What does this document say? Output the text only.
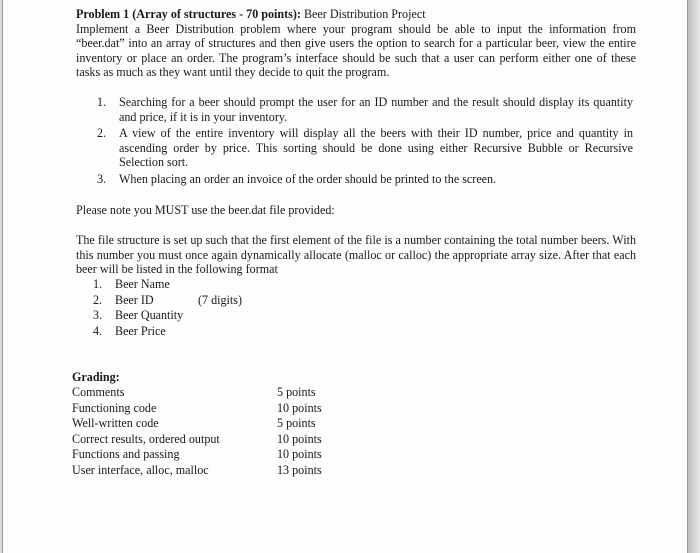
Problem 1 (Array of structures - 70 points): Beer Distribution Project
Implement a Beer Distribution problem where your program should be able to input the information from “beer.dat” into an array of structures and then give users the option to search for a particular beer, view the entire inventory or place an order. The program’s interface should be such that a user can perform either one of these tasks as much as they want until they decide to quit the program.
1. Searching for a beer should prompt the user for an ID number and the result should display its quantity and price, if it is in your inventory.
2. A view of the entire inventory will display all the beers with their ID number, price and quantity in ascending order by price. This sorting should be done using either Recursive Bubble or Recursive Selection sort.
3. When placing an order an invoice of the order should be printed to the screen.
Please note you MUST use the beer.dat file provided:
The file structure is set up such that the first element of the file is a number containing the total number beers. With this number you must once again dynamically allocate (malloc or calloc) the appropriate array size. After that each beer will be listed in the following format
1. Beer Name
2. Beer ID
3. Beer Quantity
4. Beer Price
(7 digits)
Grading:
Comments	5 points
Functioning code	10 points
Well-written code	5 points
Correct results, ordered output	10 points
Functions and passing	10 points
User interface, alloc, malloc	13 points
